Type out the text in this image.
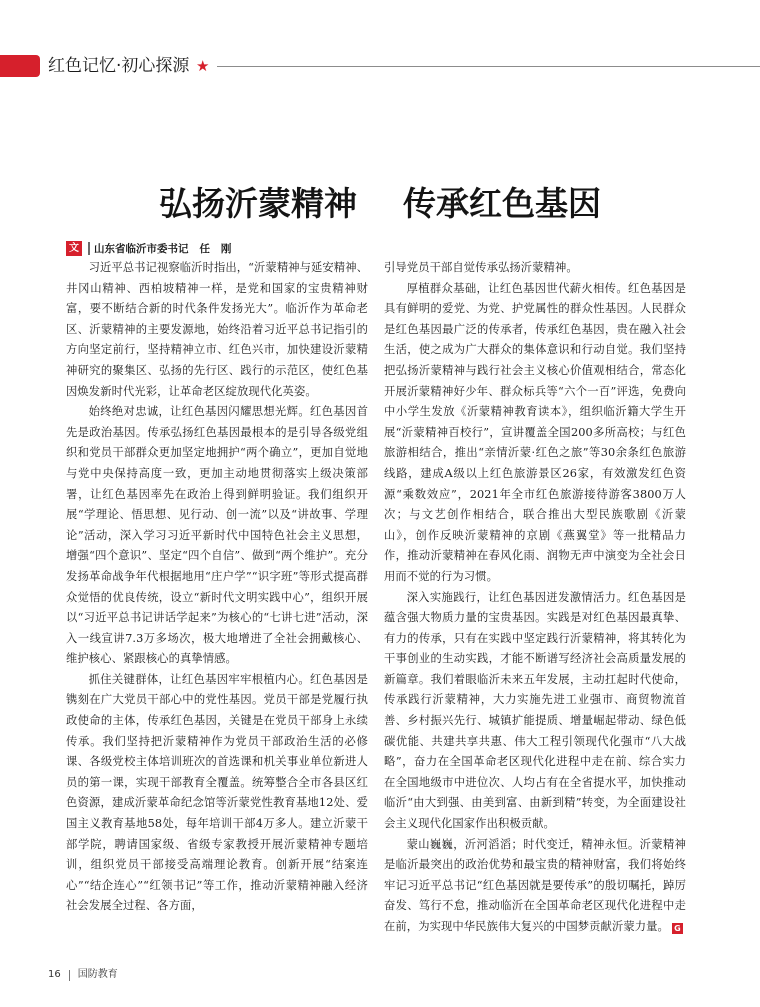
红色记忆·初心探源 ★
弘扬沂蒙精神    传承红色基因
文 山东省临沂市委书记   任   刚

习近平总书记视察临沂时指出，“沂蒙精神与延安精神、井冈山精神、西柏坡精神一样，是党和国家的宝贵精神财富，要不断结合新的时代条件发扬光大”。临沂作为革命老区、沂蒙精神的主要发源地，始终沿着习近平总书记指引的方向坚定前行，坚持精神立市、红色兴市，加快建设沂蒙精神研究的聚集区、弘扬的先行区、践行的示范区，使红色基因焕发新时代光彩，让革命老区绽放现代化英姿。

始终绝对忠诚，让红色基因闪耀思想光辉。红色基因首先是政治基因。传承弘扬红色基因最根本的是引导各级党组织和党员干部群众更加坚定地拥护“两个确立”，更加自觉地与党中央保持高度一致，更加主动地贯彻落实上级决策部署，让红色基因率先在政治上得到鲜明验证。我们组织开展“学理论、悟思想、见行动、创一流”以及“讲故事、学理论”活动，深入学习习近平新时代中国特色社会主义思想，增强“四个意识”、坚定“四个自信”、做到“两个维护”。充分发扬革命战争年代根据地用“庄户学”“识字班”等形式提高群众觉悟的优良传统，设立“新时代文明实践中心”，组织开展以“习近平总书记讲话学起来”为核心的“七讲七进”活动，深入一线宣讲7.3万多场次，极大地增进了全社会拥戴核心、维护核心、紧跟核心的真挚情感。

抓住关键群体，让红色基因牢牢根植内心。红色基因是镌刻在广大党员干部心中的党性基因。党员干部是党履行执政使命的主体，传承红色基因，关键是在党员干部身上永续传承。我们坚持把沂蒙精神作为党员干部政治生活的必修课、各级党校主体培训班次的首选课和机关事业单位新进人员的第一课，实现干部教育全覆盖。统筹整合全市各县区红色资源，建成沂蒙革命纪念馆等沂蒙党性教育基地12处、爱国主义教育基地58处，每年培训干部4万多人。建立沂蒙干部学院，聘请国家级、省级专家教授开展沂蒙精神专题培训，组织党员干部接受高端理论教育。创新开展“结案连心”“结企连心”“红领书记”等工作，推动沂蒙精神融入经济社会发展全过程、各方面，

引导党员干部自觉传承弘扬沂蒙精神。

厚植群众基础，让红色基因世代薪火相传。红色基因是具有鲜明的爱党、为党、护党属性的群众性基因。人民群众是红色基因最广泛的传承者，传承红色基因，贵在融入社会生活，使之成为广大群众的集体意识和行动自觉。我们坚持把弘扬沂蒙精神与践行社会主义核心价值观相结合，常态化开展沂蒙精神好少年、群众标兵等“六个一百”评选，免费向中小学生发放《沂蒙精神教育读本》，组织临沂籍大学生开展“沂蒙精神百校行”，宣讲覆盖全国200多所高校；与红色旅游相结合，推出“亲情沂蒙·红色之旅”等30余条红色旅游线路，建成A级以上红色旅游景区26家，有效激发红色资源“乘数效应”，2021年全市红色旅游接待游客3800万人次；与文艺创作相结合，联合推出大型民族歌剧《沂蒙山》，创作反映沂蒙精神的京剧《燕翼堂》等一批精品力作，推动沂蒙精神在春风化雨、润物无声中演变为全社会日用而不觉的行为习惯。

深入实施践行，让红色基因迸发激情活力。红色基因是蕴含强大物质力量的宝贵基因。实践是对红色基因最真挚、有力的传承，只有在实践中坚定践行沂蒙精神，将其转化为干事创业的生动实践，才能不断谱写经济社会高质量发展的新篇章。我们着眼临沂未来五年发展，主动扛起时代使命，传承践行沂蒙精神，大力实施先进工业强市、商贸物流首善、乡村振兴先行、城镇扩能提质、增量崛起带动、绿色低碳优能、共建共享共惠、伟大工程引领现代化强市“八大战略”，奋力在全国革命老区现代化进程中走在前、综合实力在全国地级市中进位次、人均占有在全省提水平，加快推动临沂“由大到强、由美到富、由新到精”转变，为全面建设社会主义现代化国家作出积极贡献。

蒙山巍巍，沂河滔滔；时代变迁，精神永恒。沂蒙精神是临沂最突出的政治优势和最宝贵的精神财富，我们将始终牢记习近平总书记“红色基因就是要传承”的殷切嘱托，踔厉奋发、笃行不怠，推动临沂在全国革命老区现代化进程中走在前，为实现中华民族伟大复兴的中国梦贡献沂蒙力量。 G

16 国防教育
